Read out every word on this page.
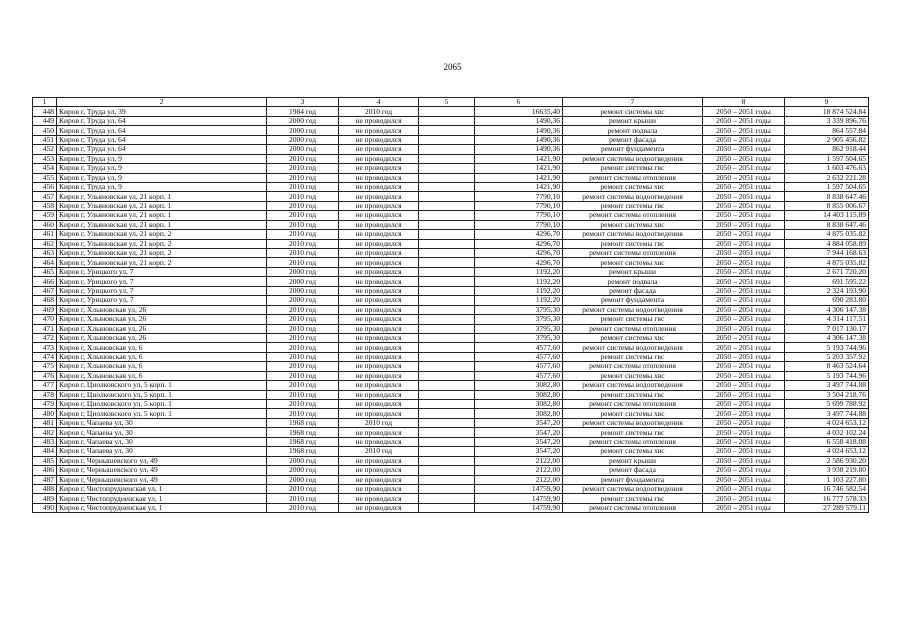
2065
1	2	3	4	5	6	7	8	9
448	Киров г, Труда ул, 39	1984 год	2010 год		16635,40	ремонт системы хвс	2050 – 2051 годы	18 874 524.84
449	Киров г, Труда ул, 64	2000 год	не проводился		1490,36	ремонт крыши	2050 – 2051 годы	3 339 896.76
450	Киров г, Труда ул, 64	2000 год	не проводился		1490,36	ремонт подвала	2050 – 2051 годы	864 557.84
451	Киров г, Труда ул, 64	2000 год	не проводился		1490,36	ремонт фасада	2050 – 2051 годы	2 905 456.82
452	Киров г, Труда ул, 64	2000 год	не проводился		1490,36	ремонт фундамента	2050 – 2051 годы	862 918.44
453	Киров г, Труда ул, 9	2010 год	не проводился		1421,90	ремонт системы водоотведения	2050 – 2051 годы	1 597 504.65
454	Киров г, Труда ул, 9	2010 год	не проводился		1421,90	ремонт системы гвс	2050 – 2051 годы	1 603 476.63
455	Киров г, Труда ул, 9	2010 год	не проводился		1421,90	ремонт системы отопления	2050 – 2051 годы	2 632 221.28
456	Киров г, Труда ул, 9	2010 год	не проводился		1421,90	ремонт системы хвс	2050 – 2051 годы	1 597 504.65
457	Киров г, Ульяновская ул, 21 корп. 1	2010 год	не проводился		7790,10	ремонт системы водоотведения	2050 – 2051 годы	8 838 647.46
458	Киров г, Ульяновская ул, 21 корп. 1	2010 год	не проводился		7790,10	ремонт системы гвс	2050 – 2051 годы	8 855 006.67
459	Киров г, Ульяновская ул, 21 корп. 1	2010 год	не проводился		7790,10	ремонт системы отопления	2050 – 2051 годы	14 403 115.89
460	Киров г, Ульяновская ул, 21 корп. 1	2010 год	не проводился		7790,10	ремонт системы хвс	2050 – 2051 годы	8 838 647.46
461	Киров г, Ульяновская ул, 21 корп. 2	2010 год	не проводился		4296,70	ремонт системы водоотведения	2050 – 2051 годы	4 875 035.82
462	Киров г, Ульяновская ул, 21 корп. 2	2010 год	не проводился		4296,70	ремонт системы гвс	2050 – 2051 годы	4 884 058.89
463	Киров г, Ульяновская ул, 21 корп. 2	2010 год	не проводился		4296,70	ремонт системы отопления	2050 – 2051 годы	7 944 168.63
464	Киров г, Ульяновская ул, 21 корп. 2	2010 год	не проводился		4296,70	ремонт системы хвс	2050 – 2051 годы	4 875 035.82
465	Киров г, Урицкого ул, 7	2000 год	не проводился		1192,20	ремонт крыши	2050 – 2051 годы	2 671 720.20
466	Киров г, Урицкого ул, 7	2000 год	не проводился		1192,20	ремонт подвала	2050 – 2051 годы	691 595.22
467	Киров г, Урицкого ул, 7	2000 год	не проводился		1192,20	ремонт фасада	2050 – 2051 годы	2 324 193.90
468	Киров г, Урицкого ул, 7	2000 год	не проводился		1192,20	ремонт фундамента	2050 – 2051 годы	690 283.80
469	Киров г, Хлыновская ул, 26	2010 год	не проводился		3795,30	ремонт системы водоотведения	2050 – 2051 годы	4 306 147.38
470	Киров г, Хлыновская ул, 26	2010 год	не проводился		3795,30	ремонт системы гвс	2050 – 2051 годы	4 314 117.51
471	Киров г, Хлыновская ул, 26	2010 год	не проводился		3795,30	ремонт системы отопления	2050 – 2051 годы	7 017 130.17
472	Киров г, Хлыновская ул, 26	2010 год	не проводился		3795,30	ремонт системы хвс	2050 – 2051 годы	4 306 147.38
473	Киров г, Хлыновская ул, 6	2010 год	не проводился		4577,60	ремонт системы водоотведения	2050 – 2051 годы	5 193 744.96
474	Киров г, Хлыновская ул, 6	2010 год	не проводился		4577,60	ремонт системы гвс	2050 – 2051 годы	5 203 357.92
475	Киров г, Хлыновская ул, 6	2010 год	не проводился		4577,60	ремонт системы отопления	2050 – 2051 годы	8 463 524.64
476	Киров г, Хлыновская ул, 6	2010 год	не проводился		4577,60	ремонт системы хвс	2050 – 2051 годы	5 193 744.96
477	Киров г, Циолковского ул, 5 корп. 1	2010 год	не проводился		3082,80	ремонт системы водоотведения	2050 – 2051 годы	3 497 744.88
478	Киров г, Циолковского ул, 5 корп. 1	2010 год	не проводился		3082,80	ремонт системы гвс	2050 – 2051 годы	3 504 218.76
479	Киров г, Циолковского ул, 5 корп. 1	2010 год	не проводился		3082,80	ремонт системы отопления	2050 – 2051 годы	5 699 788.92
480	Киров г, Циолковского ул, 5 корп. 1	2010 год	не проводился		3082,80	ремонт системы хвс	2050 – 2051 годы	3 497 744.88
481	Киров г, Чапаева ул, 30	1968 год	2010 год		3547,20	ремонт системы водоотведения	2050 – 2051 годы	4 024 653.12
482	Киров г, Чапаева ул, 30	1968 год	не проводился		3547,20	ремонт системы гвс	2050 – 2051 годы	4 032 102.24
483	Киров г, Чапаева ул, 30	1968 год	не проводился		3547,20	ремонт системы отопления	2050 – 2051 годы	6 558 418.08
484	Киров г, Чапаева ул, 30	1968 год	2010 год		3547,20	ремонт системы хвс	2050 – 2051 годы	4 024 653.12
485	Киров г, Чернышевского ул, 49	2000 год	не проводился		2122,00	ремонт крыши	2050 – 2051 годы	2 586 930.20
486	Киров г, Чернышевского ул, 49	2000 год	не проводился		2122,00	ремонт фасада	2050 – 2051 годы	3 938 219.80
487	Киров г, Чернышевского ул, 49	2000 год	не проводился		2122,00	ремонт фундамента	2050 – 2051 годы	1 103 227.80
488	Киров г, Чистопрудненская ул, 1	2010 год	не проводился		14759,90	ремонт системы водоотведения	2050 – 2051 годы	16 746 582.54
489	Киров г, Чистопрудненская ул, 1	2010 год	не проводился		14759,90	ремонт системы гвс	2050 – 2051 годы	16 777 578.33
490	Киров г, Чистопрудненская ул, 1	2010 год	не проводился		14759,90	ремонт системы отопления	2050 – 2051 годы	27 289 579.11
